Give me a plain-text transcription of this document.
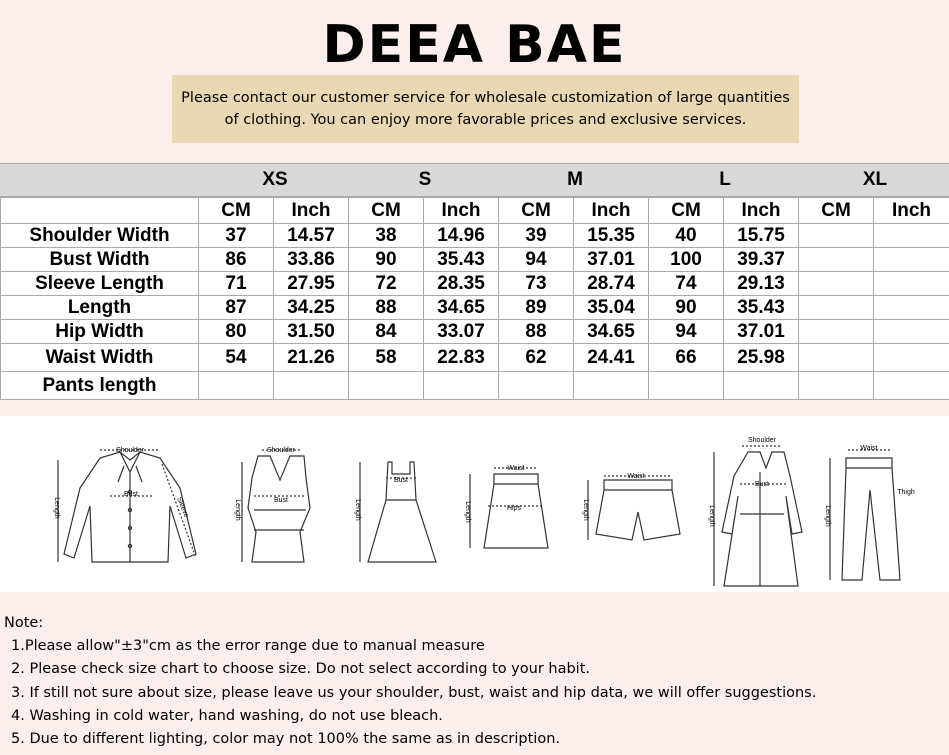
DEEA BAE
Please contact our customer service for wholesale customization of large quantities of clothing. You can enjoy more favorable prices and exclusive services.
XS	S	M	L	XL
	CM	Inch	CM	Inch	CM	Inch	CM	Inch	CM	Inch
Shoulder Width	37	14.57	38	14.96	39	15.35	40	15.75		
Bust Width	86	33.86	90	35.43	94	37.01	100	39.37		
Sleeve Length	71	27.95	72	28.35	73	28.74	74	29.13		
Length	87	34.25	88	34.65	89	35.04	90	35.43		
Hip Width	80	31.50	84	33.07	88	34.65	94	37.01		
Waist Width	54	21.26	58	22.83	62	24.41	66	25.98		
Pants length										
Shoulder
Bust
Length	Sleeve
Shoulder
Bust
Length
Bust
Length
Waist
Hips
Length
Waist
Length
Shoulder
Bust
Length
Waist
Thigh
Length
Note:
1.Please allow"±3"cm as the error range due to manual measure
2. Please check size chart to choose size. Do not select according to your habit.
3. If still not sure about size, please leave us your shoulder, bust, waist and hip data, we will offer suggestions.
4. Washing in cold water, hand washing, do not use bleach.
5. Due to different lighting, color may not 100% the same as in description.
